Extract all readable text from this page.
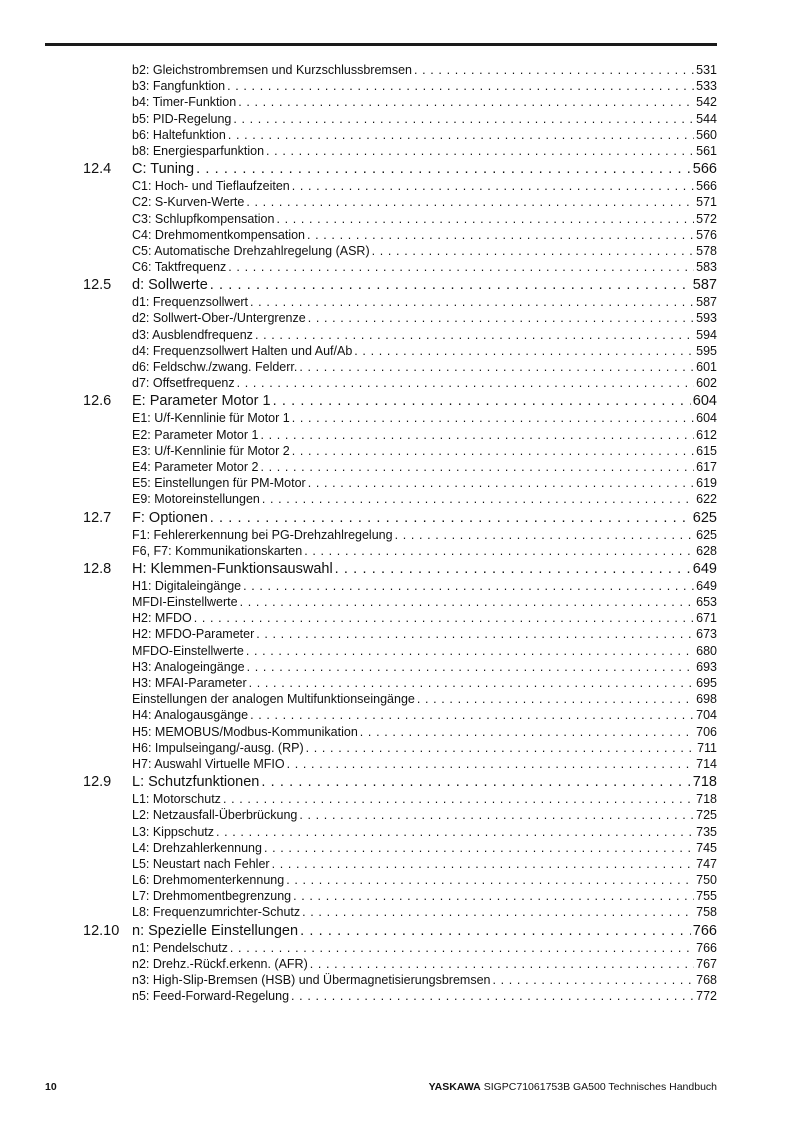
b2: Gleichstrombremsen und Kurzschlussbremsen . . .	531
b3: Fangfunktion . . .	533
b4: Timer-Funktion . . .	542
b5: PID-Regelung . . .	544
b6: Haltefunktion . . .	560
b8: Energiesparfunktion . . .	561
12.4 C: Tuning . . .	566
C1: Hoch- und Tieflaufzeiten . . .	566
C2: S-Kurven-Werte . . .	571
C3: Schlupfkompensation . . .	572
C4: Drehmomentkompensation . . .	576
C5: Automatische Drehzahlregelung (ASR) . . .	578
C6: Taktfrequenz . . .	583
12.5 d: Sollwerte . . .	587
d1: Frequenzsollwert . . .	587
d2: Sollwert-Ober-/Untergrenze . . .	593
d3: Ausblendfrequenz . . .	594
d4: Frequenzsollwert Halten und Auf/Ab . . .	595
d6: Feldschw./zwang. Felderr. . . .	601
d7: Offsetfrequenz . . .	602
12.6 E: Parameter Motor 1 . . .	604
E1: U/f-Kennlinie für Motor 1 . . .	604
E2: Parameter Motor 1 . . .	612
E3: U/f-Kennlinie für Motor 2 . . .	615
E4: Parameter Motor 2 . . .	617
E5: Einstellungen für PM-Motor . . .	619
E9: Motoreinstellungen . . .	622
12.7 F: Optionen . . .	625
F1: Fehlererkennung bei PG-Drehzahlregelung . . .	625
F6, F7: Kommunikationskarten . . .	628
12.8 H: Klemmen-Funktionsauswahl . . .	649
H1: Digitaleingänge . . .	649
MFDI-Einstellwerte . . .	653
H2: MFDO . . .	671
H2: MFDO-Parameter . . .	673
MFDO-Einstellwerte . . .	680
H3: Analogeingänge . . .	693
H3: MFAI-Parameter . . .	695
Einstellungen der analogen Multifunktionseingänge . . .	698
H4: Analogausgänge . . .	704
H5: MEMOBUS/Modbus-Kommunikation . . .	706
H6: Impulseingang/-ausg. (RP) . . .	711
H7: Auswahl Virtuelle MFIO . . .	714
12.9 L: Schutzfunktionen . . .	718
L1: Motorschutz . . .	718
L2: Netzausfall-Überbrückung . . .	725
L3: Kippschutz . . .	735
L4: Drehzahlerkennung . . .	745
L5: Neustart nach Fehler . . .	747
L6: Drehmomenterkennung . . .	750
L7: Drehmomentbegrenzung . . .	755
L8: Frequenzumrichter-Schutz . . .	758
12.10 n: Spezielle Einstellungen . . .	766
n1: Pendelschutz . . .	766
n2: Drehz.-Rückf.erkenn. (AFR) . . .	767
n3: High-Slip-Bremsen (HSB) und Übermagnetisierungsbremsen . . .	768
n5: Feed-Forward-Regelung . . .	772
10	YASKAWA SIGPC71061753B GA500 Technisches Handbuch
